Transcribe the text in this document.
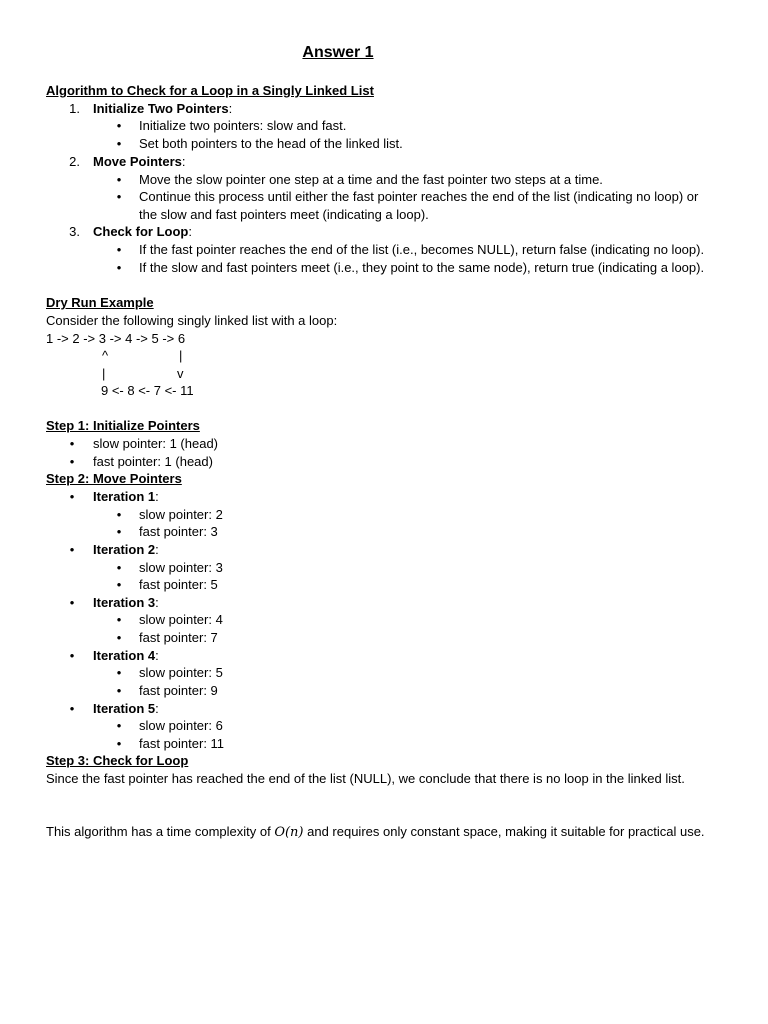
Answer 1
Algorithm to Check for a Loop in a Singly Linked List
1. Initialize Two Pointers:
• Initialize two pointers: slow and fast.
• Set both pointers to the head of the linked list.
2. Move Pointers:
• Move the slow pointer one step at a time and the fast pointer two steps at a time.
• Continue this process until either the fast pointer reaches the end of the list (indicating no loop) or
the slow and fast pointers meet (indicating a loop).
3. Check for Loop:
• If the fast pointer reaches the end of the list (i.e., becomes NULL), return false (indicating no loop).
• If the slow and fast pointers meet (i.e., they point to the same node), return true (indicating a loop).
Dry Run Example
Consider the following singly linked list with a loop:
1 -> 2 -> 3 -> 4 -> 5 -> 6
^	|
|	v
9 <- 8 <- 7 <- 11
Step 1: Initialize Pointers
• slow pointer: 1 (head)
• fast pointer: 1 (head)
Step 2: Move Pointers
• Iteration 1:
• slow pointer: 2
• fast pointer: 3
• Iteration 2:
• slow pointer: 3
• fast pointer: 5
• Iteration 3:
• slow pointer: 4
• fast pointer: 7
• Iteration 4:
• slow pointer: 5
• fast pointer: 9
• Iteration 5:
• slow pointer: 6
• fast pointer: 11
Step 3: Check for Loop
Since the fast pointer has reached the end of the list (NULL), we conclude that there is no loop in the linked list.
This algorithm has a time complexity of O(n) and requires only constant space, making it suitable for practical use.
